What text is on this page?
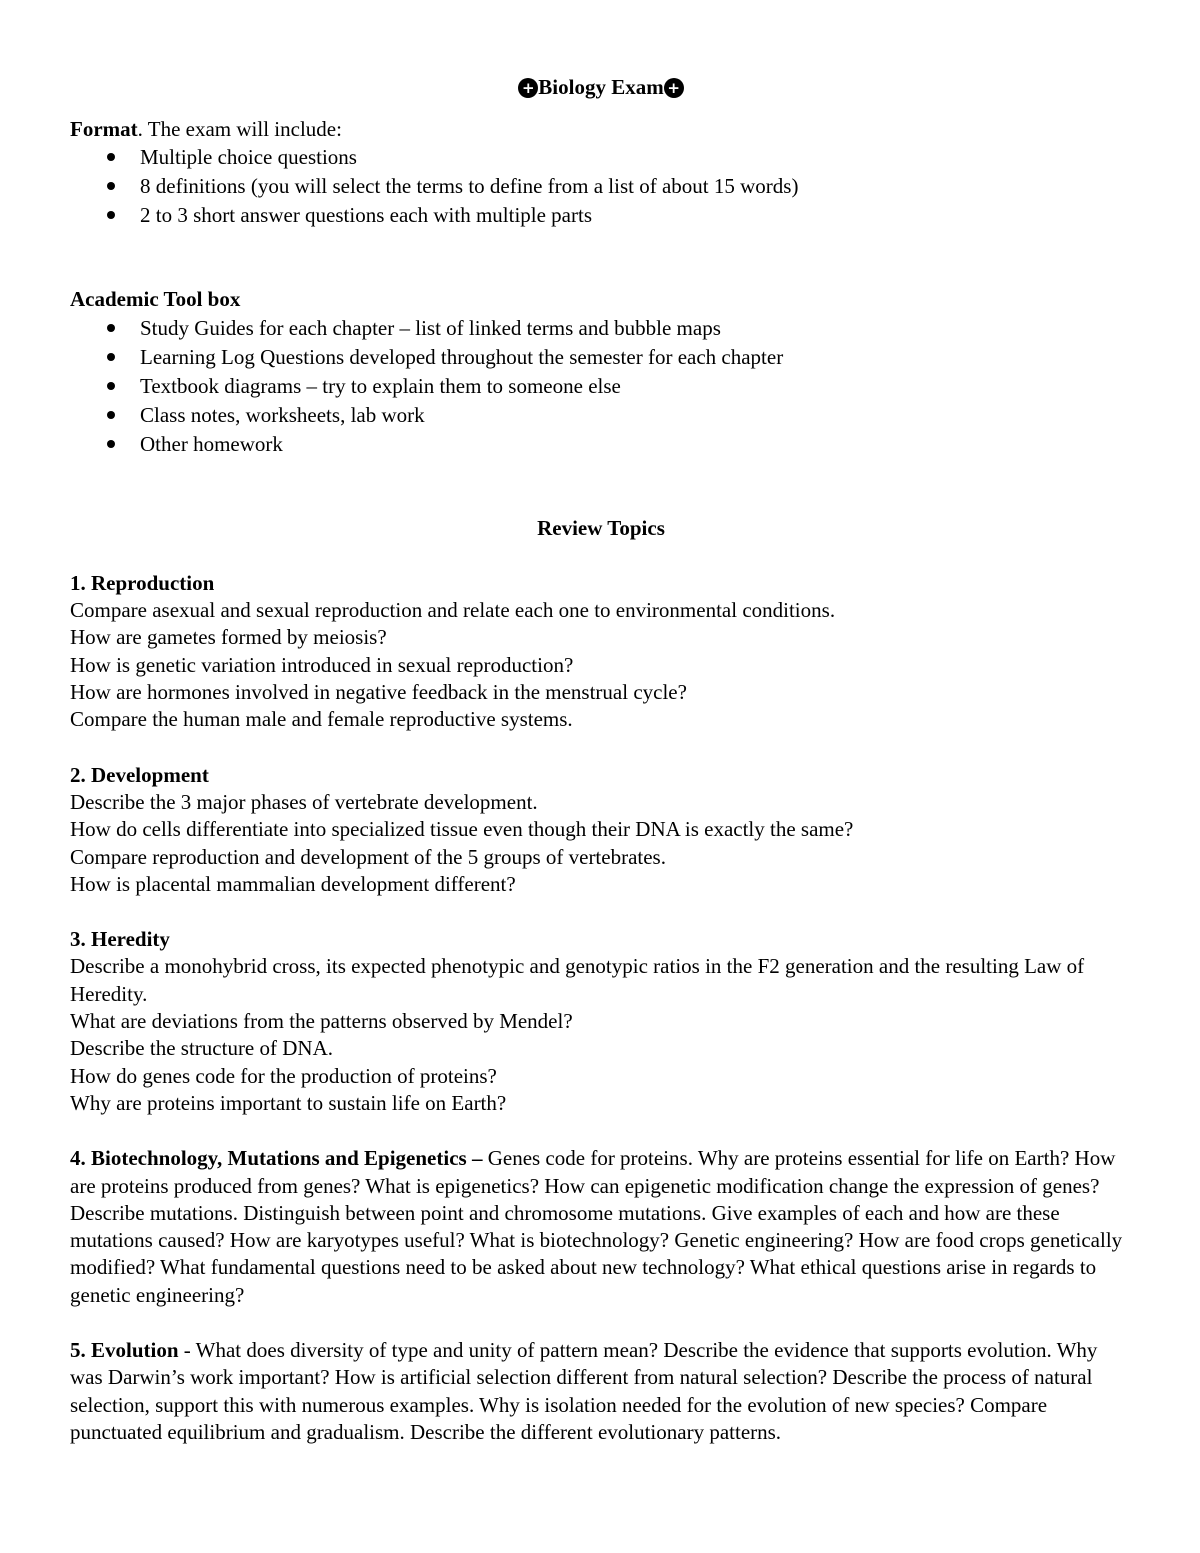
+ Biology Exam +

Format. The exam will include:

Multiple choice questions
8 definitions (you will select the terms to define from a list of about 15 words)
2 to 3 short answer questions each with multiple parts

Academic Tool box

Study Guides for each chapter – list of linked terms and bubble maps
Learning Log Questions developed throughout the semester for each chapter
Textbook diagrams – try to explain them to someone else
Class notes, worksheets, lab work
Other homework

Review Topics

1. Reproduction

Compare asexual and sexual reproduction and relate each one to environmental conditions.

How are gametes formed by meiosis?

How is genetic variation introduced in sexual reproduction?

How are hormones involved in negative feedback in the menstrual cycle?

Compare the human male and female reproductive systems.

2. Development

Describe the 3 major phases of vertebrate development.

How do cells differentiate into specialized tissue even though their DNA is exactly the same?

Compare reproduction and development of the 5 groups of vertebrates.

How is placental mammalian development different?

3. Heredity

Describe a monohybrid cross, its expected phenotypic and genotypic ratios in the F2 generation and the resulting Law of Heredity.

What are deviations from the patterns observed by Mendel?

Describe the structure of DNA.

How do genes code for the production of proteins?

Why are proteins important to sustain life on Earth?

4. Biotechnology, Mutations and Epigenetics – Genes code for proteins. Why are proteins essential for life on Earth? How are proteins produced from genes? What is epigenetics? How can epigenetic modification change the expression of genes? Describe mutations. Distinguish between point and chromosome mutations. Give examples of each and how are these mutations caused? How are karyotypes useful? What is biotechnology? Genetic engineering? How are food crops genetically modified? What fundamental questions need to be asked about new technology? What ethical questions arise in regards to genetic engineering?

5. Evolution - What does diversity of type and unity of pattern mean? Describe the evidence that supports evolution. Why was Darwin’s work important? How is artificial selection different from natural selection? Describe the process of natural selection, support this with numerous examples. Why is isolation needed for the evolution of new species? Compare punctuated equilibrium and gradualism. Describe the different evolutionary patterns.
